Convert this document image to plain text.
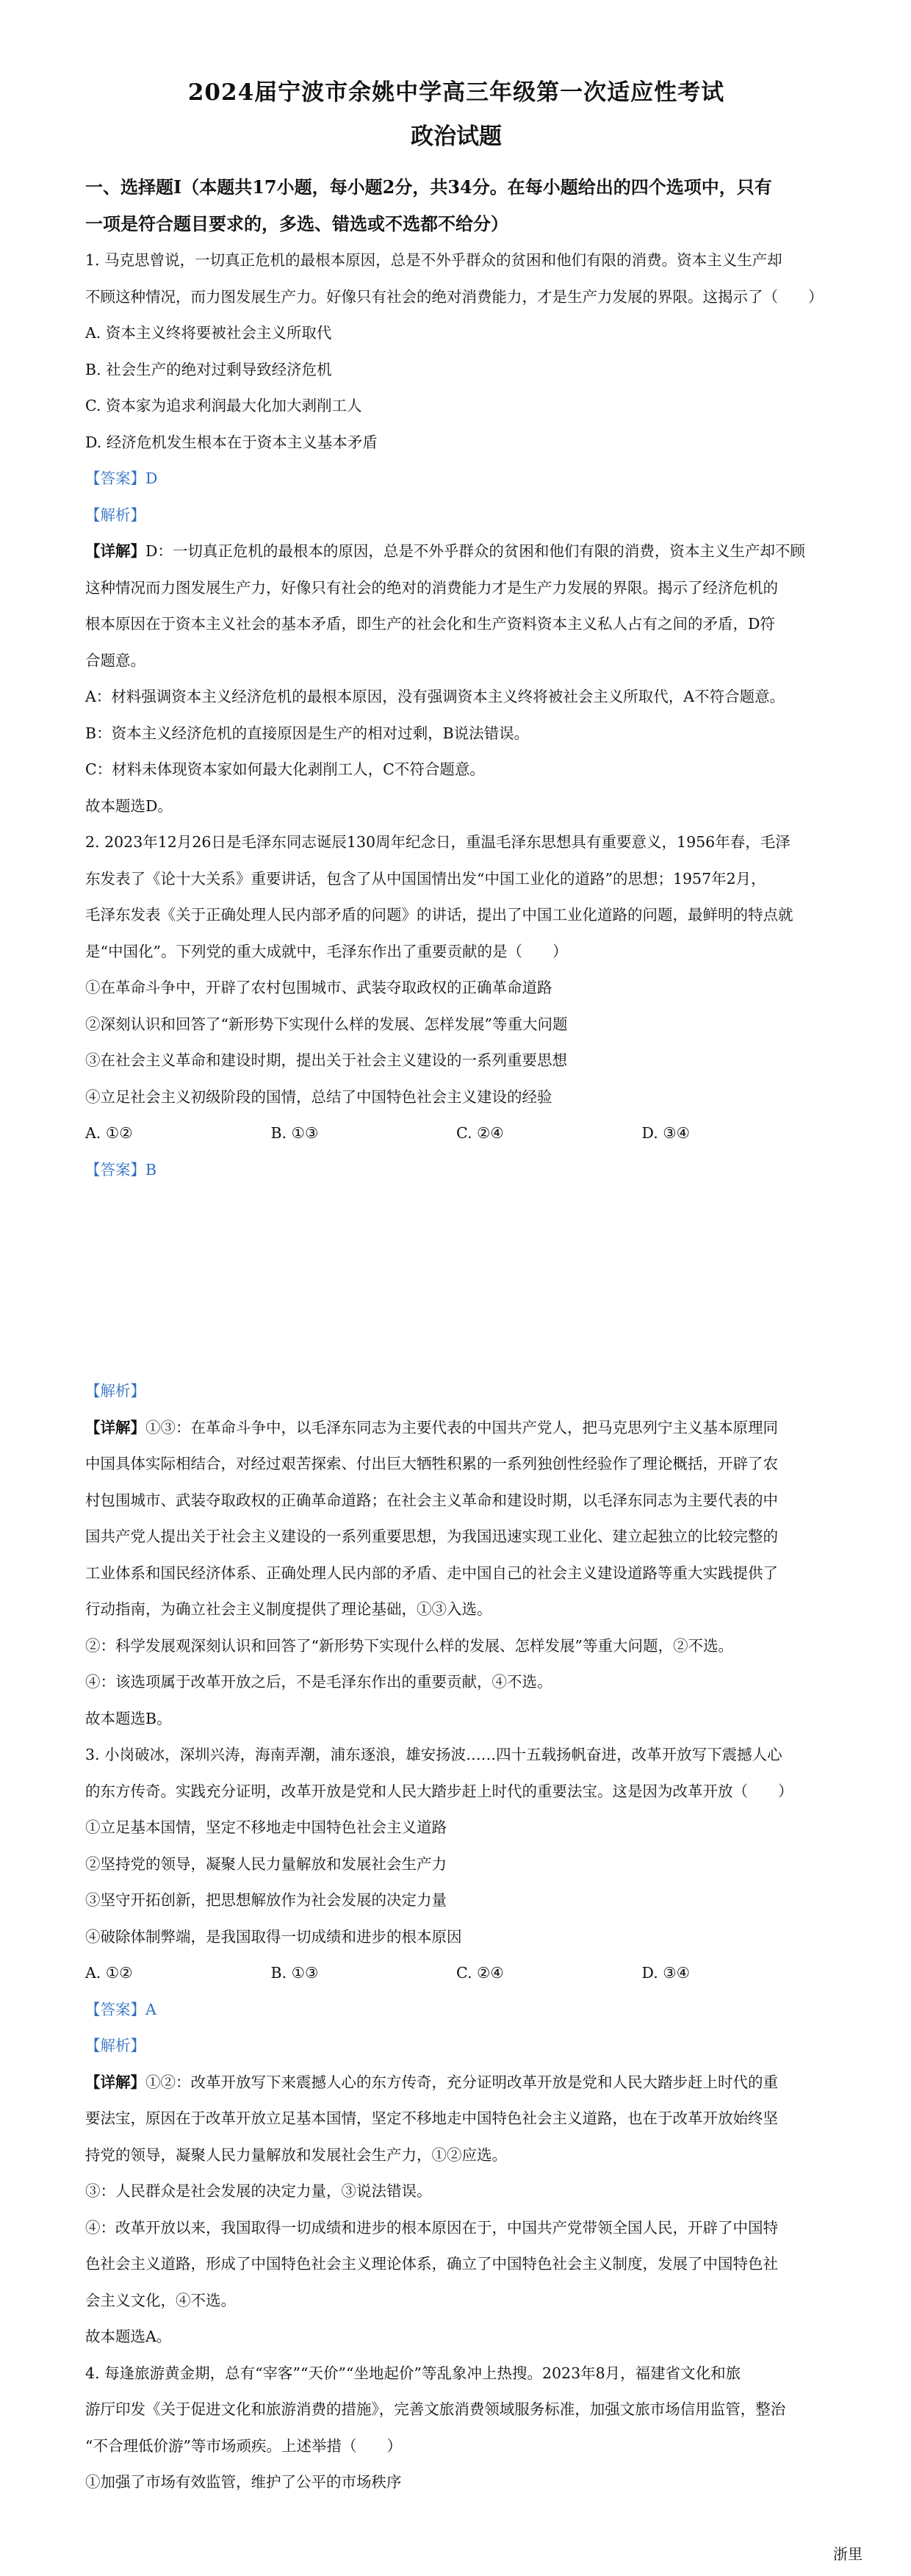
2024届宁波市余姚中学高三年级第一次适应性考试
政治试题

一、选择题Ⅰ（本题共17小题，每小题2分，共34分。在每小题给出的四个选项中，只有

一项是符合题目要求的，多选、错选或不选都不给分）

1. 马克思曾说，一切真正危机的最根本原因，总是不外乎群众的贫困和他们有限的消费。资本主义生产却

不顾这种情况，而力图发展生产力。好像只有社会的绝对消费能力，才是生产力发展的界限。这揭示了（　　）

A. 资本主义终将要被社会主义所取代

B. 社会生产的绝对过剩导致经济危机

C. 资本家为追求利润最大化加大剥削工人

D. 经济危机发生根本在于资本主义基本矛盾

【答案】D

【解析】

【详解】D：一切真正危机的最根本的原因，总是不外乎群众的贫困和他们有限的消费，资本主义生产却不顾

这种情况而力图发展生产力，好像只有社会的绝对的消费能力才是生产力发展的界限。揭示了经济危机的

根本原因在于资本主义社会的基本矛盾，即生产的社会化和生产资料资本主义私人占有之间的矛盾，D符

合题意。

A：材料强调资本主义经济危机的最根本原因，没有强调资本主义终将被社会主义所取代，A不符合题意。

B：资本主义经济危机的直接原因是生产的相对过剩，B说法错误。

C：材料未体现资本家如何最大化剥削工人，C不符合题意。

故本题选D。

2. 2023年12月26日是毛泽东同志诞辰130周年纪念日，重温毛泽东思想具有重要意义，1956年春，毛泽

东发表了《论十大关系》重要讲话，包含了从中国国情出发“中国工业化的道路”的思想；1957年2月，

毛泽东发表《关于正确处理人民内部矛盾的问题》的讲话，提出了中国工业化道路的问题，最鲜明的特点就

是“中国化”。下列党的重大成就中，毛泽东作出了重要贡献的是（　　）

①在革命斗争中，开辟了农村包围城市、武装夺取政权的正确革命道路

②深刻认识和回答了“新形势下实现什么样的发展、怎样发展”等重大问题

③在社会主义革命和建设时期，提出关于社会主义建设的一系列重要思想

④立足社会主义初级阶段的国情，总结了中国特色社会主义建设的经验

A. ①②	B. ①③	C. ②④	D. ③④

【答案】B

【解析】

【详解】①③：在革命斗争中，以毛泽东同志为主要代表的中国共产党人，把马克思列宁主义基本原理同

中国具体实际相结合，对经过艰苦探索、付出巨大牺牲积累的一系列独创性经验作了理论概括，开辟了农

村包围城市、武装夺取政权的正确革命道路；在社会主义革命和建设时期，以毛泽东同志为主要代表的中

国共产党人提出关于社会主义建设的一系列重要思想，为我国迅速实现工业化、建立起独立的比较完整的

工业体系和国民经济体系、正确处理人民内部的矛盾、走中国自己的社会主义建设道路等重大实践提供了

行动指南，为确立社会主义制度提供了理论基础，①③入选。

②：科学发展观深刻认识和回答了“新形势下实现什么样的发展、怎样发展”等重大问题，②不选。

④：该选项属于改革开放之后，不是毛泽东作出的重要贡献，④不选。

故本题选B。

3. 小岗破冰，深圳兴涛，海南弄潮，浦东逐浪，雄安扬波……四十五载扬帆奋进，改革开放写下震撼人心

的东方传奇。实践充分证明，改革开放是党和人民大踏步赶上时代的重要法宝。这是因为改革开放（　　）

①立足基本国情，坚定不移地走中国特色社会主义道路

②坚持党的领导，凝聚人民力量解放和发展社会生产力

③坚守开拓创新，把思想解放作为社会发展的决定力量

④破除体制弊端，是我国取得一切成绩和进步的根本原因

A. ①②	B. ①③	C. ②④	D. ③④

【答案】A

【解析】

【详解】①②：改革开放写下来震撼人心的东方传奇，充分证明改革开放是党和人民大踏步赶上时代的重

要法宝，原因在于改革开放立足基本国情，坚定不移地走中国特色社会主义道路，也在于改革开放始终坚

持党的领导，凝聚人民力量解放和发展社会生产力，①②应选。

③：人民群众是社会发展的决定力量，③说法错误。

④：改革开放以来，我国取得一切成绩和进步的根本原因在于，中国共产党带领全国人民，开辟了中国特

色社会主义道路，形成了中国特色社会主义理论体系，确立了中国特色社会主义制度，发展了中国特色社

会主义文化，④不选。

故本题选A。

4. 每逢旅游黄金期，总有“宰客”“天价”“坐地起价”等乱象冲上热搜。2023年8月，福建省文化和旅

游厅印发《关于促进文化和旅游消费的措施》，完善文旅消费领域服务标准，加强文旅市场信用监管，整治

“不合理低价游”等市场顽疾。上述举措（　　）

①加强了市场有效监管，维护了公平的市场秩序

浙里
